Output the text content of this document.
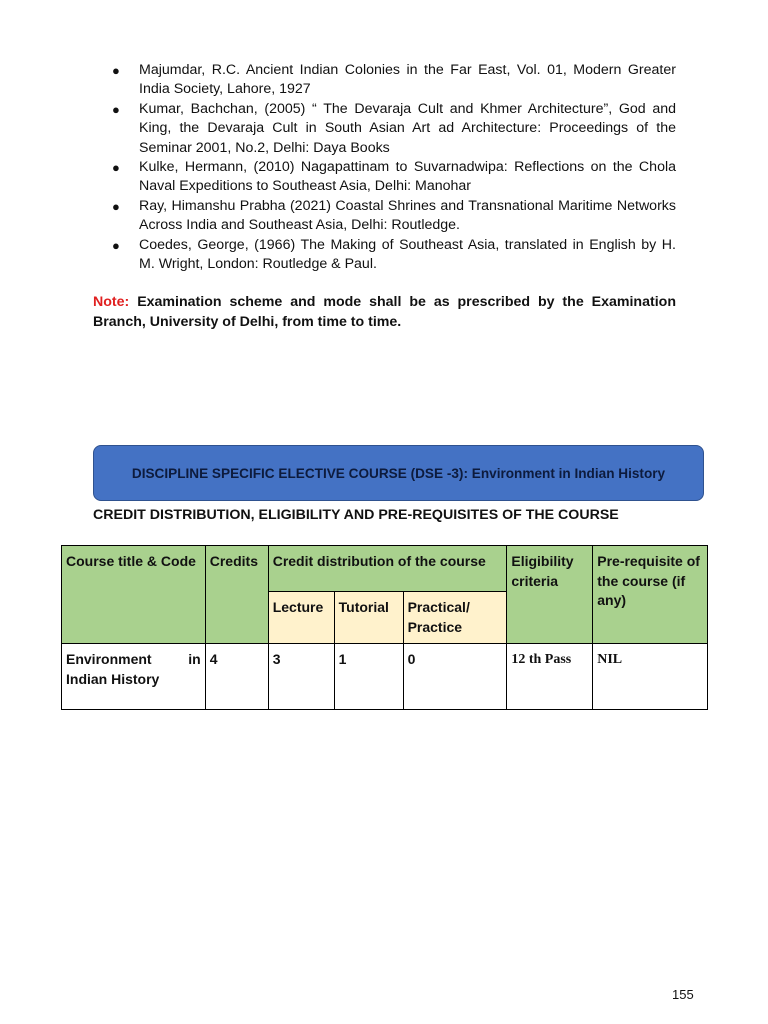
● Majumdar, R.C. Ancient Indian Colonies in the Far East, Vol. 01, Modern Greater India Society, Lahore, 1927
● Kumar, Bachchan, (2005) “ The Devaraja Cult and Khmer Architecture”, God and King, the Devaraja Cult in South Asian Art ad Architecture: Proceedings of the Seminar 2001, No.2, Delhi: Daya Books
● Kulke, Hermann, (2010) Nagapattinam to Suvarnadwipa: Reflections on the Chola Naval Expeditions to Southeast Asia, Delhi: Manohar
● Ray, Himanshu Prabha (2021) Coastal Shrines and Transnational Maritime Networks Across India and Southeast Asia, Delhi: Routledge.
● Coedes, George, (1966) The Making of Southeast Asia, translated in English by H. M. Wright, London: Routledge & Paul.

Note: Examination scheme and mode shall be as prescribed by the Examination Branch, University of Delhi, from time to time.

DISCIPLINE SPECIFIC ELECTIVE COURSE (DSE -3): Environment in Indian History
CREDIT DISTRIBUTION, ELIGIBILITY AND PRE-REQUISITES OF THE COURSE
Course title & Code	Credits	Credit distribution of the course			Eligibility criteria	Pre-requisite of the course (if any)
		Lecture	Tutorial	Practical/ Practice		

Environment in
Indian History	4	3	1	0	12 th Pass	NIL
155
